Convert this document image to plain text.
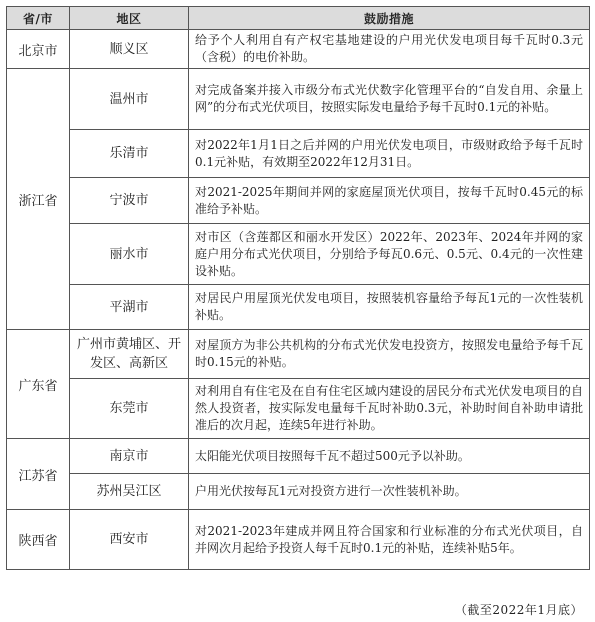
省/市	地区	鼓励措施
北京市	顺义区	给予个人利用自有产权宅基地建设的户用光伏发电项目每千瓦时0.3元（含税）的电价补助。
浙江省	温州市	对完成备案并接入市级分布式光伏数字化管理平台的“自发自用、余量上网”的分布式光伏项目，按照实际发电量给予每千瓦时0.1元的补贴。
	乐清市	对2022年1月1日之后并网的户用光伏发电项目，市级财政给予每千瓦时0.1元补贴，有效期至2022年12月31日。
	宁波市	对2021-2025年期间并网的家庭屋顶光伏项目，按每千瓦时0.45元的标准给予补贴。
	丽水市	对市区（含莲都区和丽水开发区）2022年、2023年、2024年并网的家庭户用分布式光伏项目，分别给予每瓦0.6元、0.5元、0.4元的一次性建设补贴。
	平湖市	对居民户用屋顶光伏发电项目，按照装机容量给予每瓦1元的一次性装机补贴。
广东省	广州市黄埔区、开发区、高新区	对屋顶方为非公共机构的分布式光伏发电投资方，按照发电量给予每千瓦时0.15元的补贴。
	东莞市	对利用自有住宅及在自有住宅区域内建设的居民分布式光伏发电项目的自然人投资者，按实际发电量每千瓦时补助0.3元，补助时间自补助申请批准后的次月起，连续5年进行补助。
江苏省	南京市	太阳能光伏项目按照每千瓦不超过500元予以补助。
	苏州吴江区	户用光伏按每瓦1元对投资方进行一次性装机补助。
陕西省	西安市	对2021-2023年建成并网且符合国家和行业标准的分布式光伏项目，自并网次月起给予投资人每千瓦时0.1元的补贴，连续补贴5年。
（截至2022年1月底）
